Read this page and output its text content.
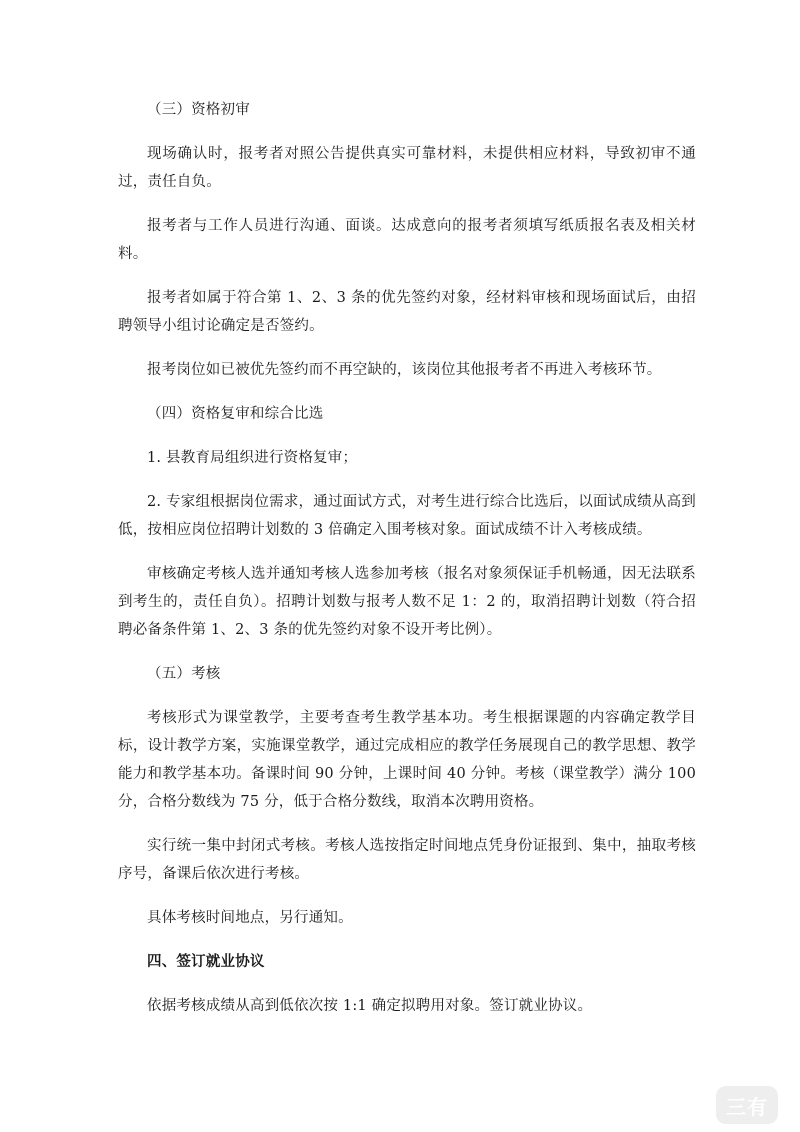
（三）资格初审

现场确认时，报考者对照公告提供真实可靠材料，未提供相应材料，导致初审不通过，责任自负。

报考者与工作人员进行沟通、面谈。达成意向的报考者须填写纸质报名表及相关材料。

报考者如属于符合第 1、2、3 条的优先签约对象，经材料审核和现场面试后，由招聘领导小组讨论确定是否签约。

报考岗位如已被优先签约而不再空缺的，该岗位其他报考者不再进入考核环节。

（四）资格复审和综合比选

1. 县教育局组织进行资格复审；

2. 专家组根据岗位需求，通过面试方式，对考生进行综合比选后，以面试成绩从高到低，按相应岗位招聘计划数的 3 倍确定入围考核对象。面试成绩不计入考核成绩。

审核确定考核人选并通知考核人选参加考核（报名对象须保证手机畅通，因无法联系到考生的，责任自负）。招聘计划数与报考人数不足 1：2 的，取消招聘计划数（符合招聘必备条件第 1、2、3 条的优先签约对象不设开考比例）。

（五）考核

考核形式为课堂教学，主要考查考生教学基本功。考生根据课题的内容确定教学目标，设计教学方案，实施课堂教学，通过完成相应的教学任务展现自己的教学思想、教学能力和教学基本功。备课时间 90 分钟，上课时间 40 分钟。考核（课堂教学）满分 100 分，合格分数线为 75 分，低于合格分数线，取消本次聘用资格。

实行统一集中封闭式考核。考核人选按指定时间地点凭身份证报到、集中，抽取考核序号，备课后依次进行考核。

具体考核时间地点，另行通知。

四、签订就业协议

依据考核成绩从高到低依次按 1:1 确定拟聘用对象。签订就业协议。

三有
